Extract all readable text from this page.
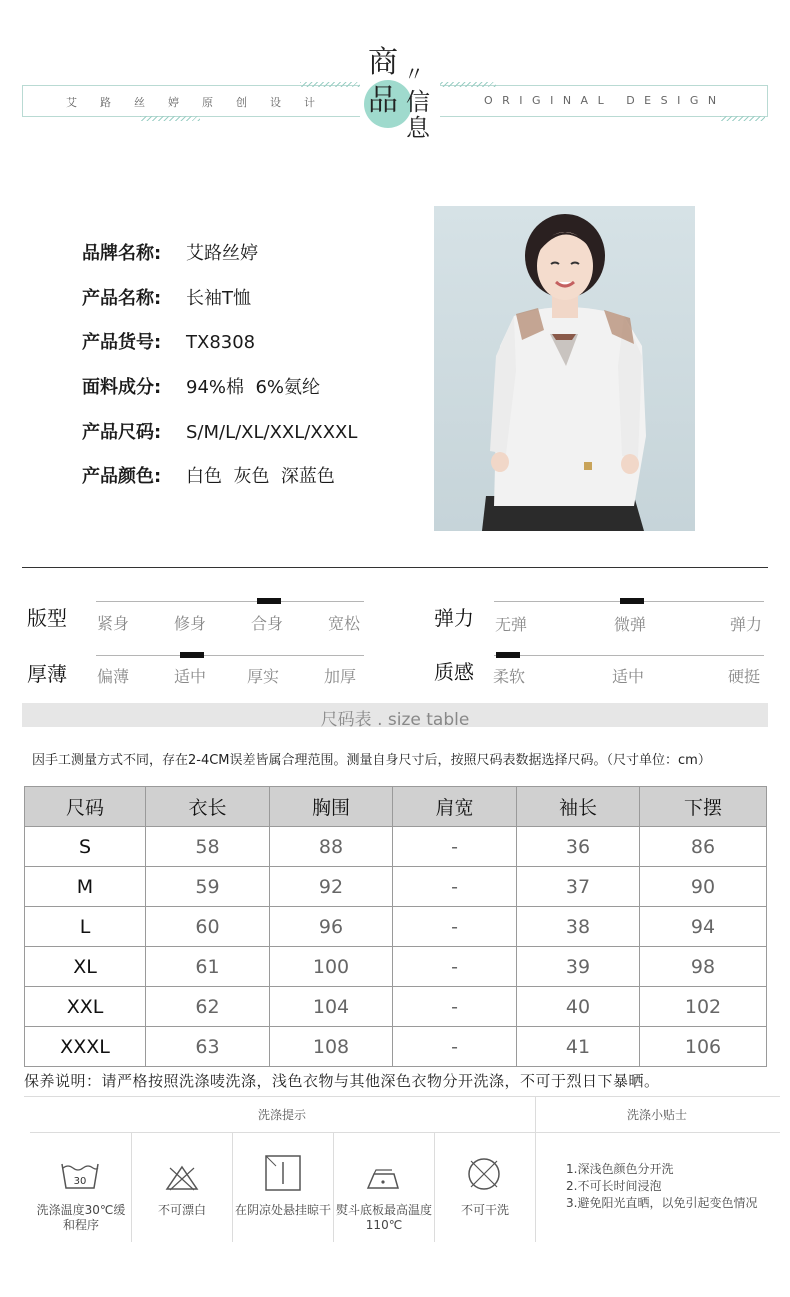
艾路丝婷原创设计	ORIGINAL DESIGN
商
品
〃
信
息
品牌名称: 艾路丝婷
产品名称: 长袖T恤
产品货号: TX8308
面料成分: 94%棉  6%氨纶
产品尺码: S/M/L/XL/XXL/XXXL
产品颜色: 白色  灰色  深蓝色
版型 紧身	修身	合身	宽松
厚薄 偏薄	适中	厚实	加厚
弹力 无弹	微弹	弹力
质感 柔软	适中	硬挺
尺码表 . size table
因手工测量方式不同，存在2-4CM误差皆属合理范围。测量自身尺寸后，按照尺码表数据选择尺码。（尺寸单位：cm）
尺码	衣长	胸围	肩宽	袖长	下摆
S	58	88	-	36	86
M	59	92	-	37	90
L	60	96	-	38	94
XL	61	100	-	39	98
XXL	62	104	-	40	102
XXXL	63	108	-	41	106
保养说明：请严格按照洗涤唛洗涤，浅色衣物与其他深色衣物分开洗涤，不可于烈日下暴晒。
洗涤提示	洗涤小贴士
30
洗涤温度30℃缓和程序
不可漂白	在阴凉处悬挂晾干 熨斗底板最高温度110℃
不可干洗
1.深浅色颜色分开洗
2.不可长时间浸泡
3.避免阳光直晒，以免引起变色情况
